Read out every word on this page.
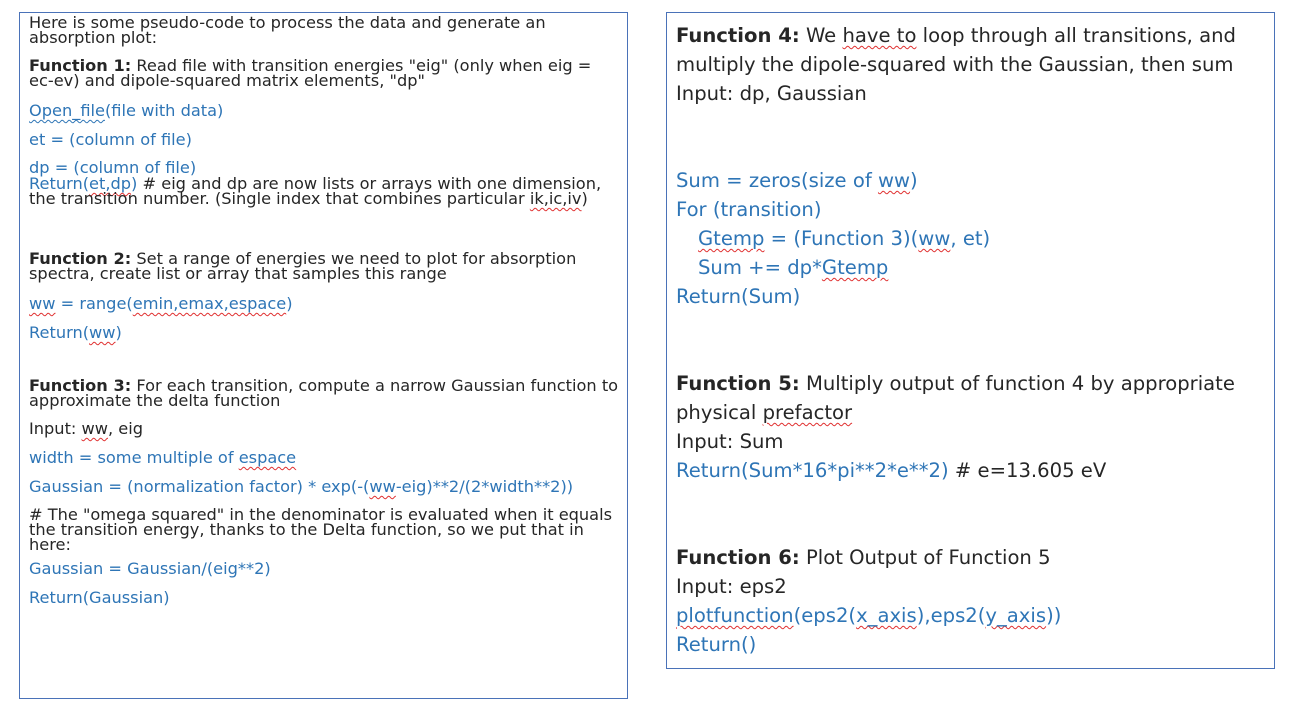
Here is some pseudo-code to process the data and generate an absorption plot:

Function 1: Read file with transition energies "eig" (only when eig = ec-ev) and dipole-squared matrix elements, "dp"

Open_file(file with data)

et = (column of file)

dp = (column of file)

Return(et,dp) # eig and dp are now lists or arrays with one dimension, the transition number. (Single index that combines particular ik,ic,iv)

Function 2: Set a range of energies we need to plot for absorption spectra, create list or array that samples this range

ww = range(emin,emax,espace)

Return(ww)

Function 3: For each transition, compute a narrow Gaussian function to approximate the delta function

Input: ww, eig

width = some multiple of espace

Gaussian = (normalization factor) * exp(-(ww-eig)**2/(2*width**2))

# The "omega squared" in the denominator is evaluated when it equals the transition energy, thanks to the Delta function, so we put that in here:

Gaussian = Gaussian/(eig**2)

Return(Gaussian)

Function 4: We have to loop through all transitions, and multiply the dipole-squared with the Gaussian, then sum

Input: dp, Gaussian

Sum = zeros(size of ww)

For (transition)

Gtemp = (Function 3)(ww, et)

Sum += dp*Gtemp

Return(Sum)

Function 5: Multiply output of function 4 by appropriate physical prefactor

Input: Sum

Return(Sum*16*pi**2*e**2) # e=13.605 eV

Function 6: Plot Output of Function 5

Input: eps2

plotfunction(eps2(x_axis),eps2(y_axis))

Return()
